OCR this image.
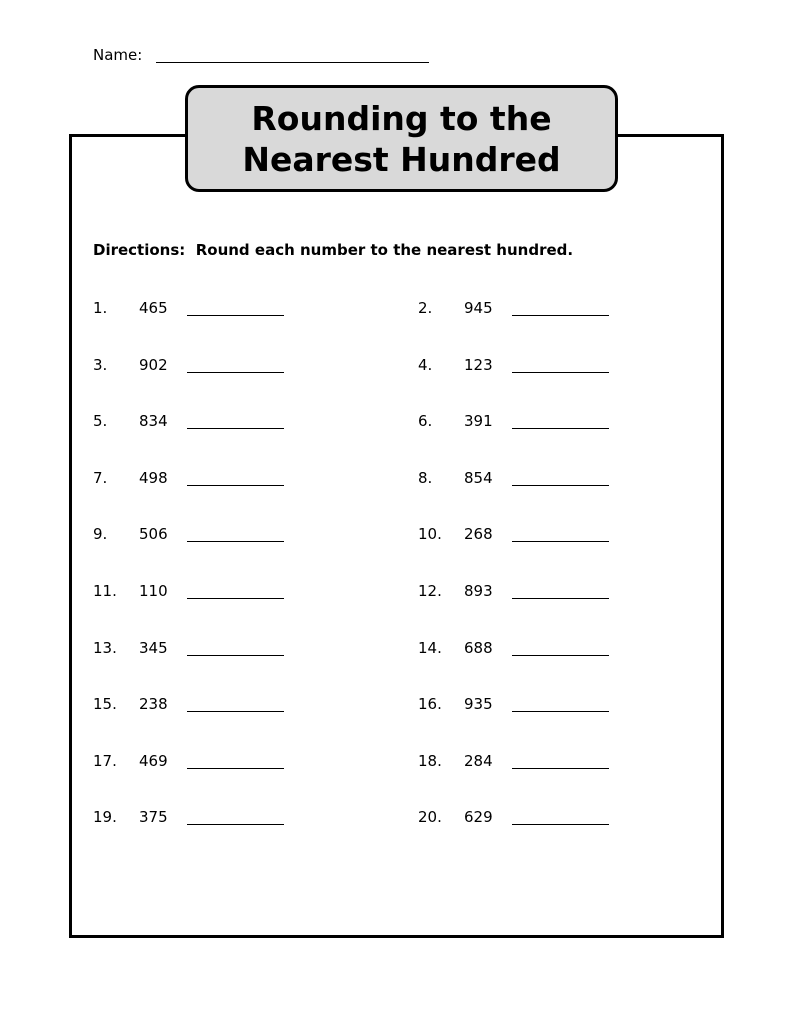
Name:
Rounding to the
Nearest Hundred
Directions:  Round each number to the nearest hundred.
1. 465	2. 945
3. 902	4. 123
5. 834	6. 391
7. 498	8. 854
9. 506	10. 268
11. 110	12. 893
13. 345	14. 688
15. 238	16. 935
17. 469	18. 284
19. 375	20. 629
